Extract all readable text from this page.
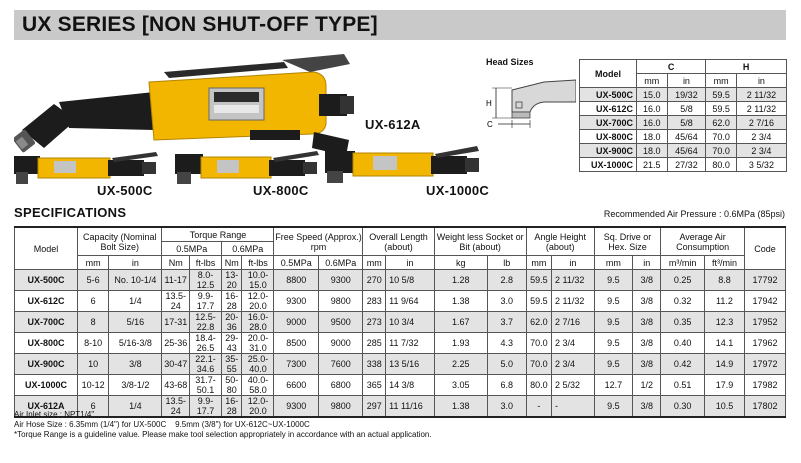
UX SERIES [NON SHUT-OFF TYPE]
UX-612A
UX-500C	UX-800C	UX-1000C
Head Sizes
H
C
Model	C		H	
	mm	in	mm	in
UX-500C	15.0	19/32	59.5	2 11/32
UX-612C	16.0	5/8	59.5	2 11/32
UX-700C	16.0	5/8	62.0	2 7/16
UX-800C	18.0	45/64	70.0	2 3/4
UX-900C	18.0	45/64	70.0	2 3/4
UX-1000C	21.5	27/32	80.0	3 5/32
SPECIFICATIONS	Recommended Air Pressure : 0.6MPa (85psi)
Model	Capacity (Nominal Bolt Size)		Torque Range				Free Speed (Approx.) rpm		Overall Length (about)		Weight less Socket or Bit (about)		Angle Height (about)		Sq. Drive or Hex. Size		Average Air Consumption		Code
			0.5MPa		0.6MPa														
	mm	in	Nm	ft-lbs	Nm	ft-lbs	0.5MPa	0.6MPa	mm	in	kg	lb	mm	in	mm	in	m³/min	ft³/min	
UX-500C	5-6	No. 10-1/4	11-17	8.0-12.5	13-20	10.0-15.0	8800	9300	270	10 5/8	1.28	2.8	59.5	2 11/32	9.5	3/8	0.25	8.8	17792
UX-612C	6	1/4	13.5-24	9.9-17.7	16-28	12.0-20.0	9300	9800	283	11 9/64	1.38	3.0	59.5	2 11/32	9.5	3/8	0.32	11.2	17942
UX-700C	8	5/16	17-31	12.5-22.8	20-36	16.0-28.0	9000	9500	273	10 3/4	1.67	3.7	62.0	2 7/16	9.5	3/8	0.35	12.3	17952
UX-800C	8-10	5/16-3/8	25-36	18.4-26.5	29-43	20.0-31.0	8500	9000	285	11 7/32	1.93	4.3	70.0	2 3/4	9.5	3/8	0.40	14.1	17962
UX-900C	10	3/8	30-47	22.1-34.6	35-55	25.0-40.0	7300	7600	338	13 5/16	2.25	5.0	70.0	2 3/4	9.5	3/8	0.42	14.9	17972
UX-1000C	10-12	3/8-1/2	43-68	31.7-50.1	50-80	40.0-58.0	6600	6800	365	14 3/8	3.05	6.8	80.0	2 5/32	12.7	1/2	0.51	17.9	17982
UX-612A	6	1/4	13.5-24	9.9-17.7	16-28	12.0-20.0	9300	9800	297	11 11/16	1.38	3.0	-	-	9.5	3/8	0.30	10.5	17802
Air Inlet size : NPT1/4"
Air Hose Size : 6.35mm (1/4") for UX-500C    9.5mm (3/8") for UX-612C~UX-1000C
*Torque Range is a guideline value. Please make tool selection appropriately in accordance with an actual application.
